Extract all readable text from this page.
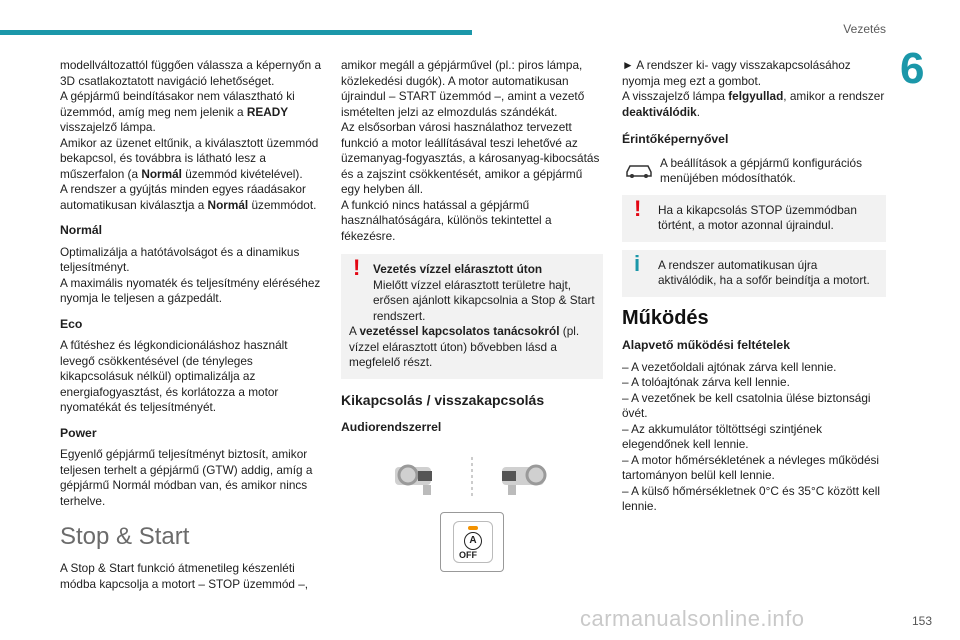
Vezetés
6

modellváltozattól függően válassza a képernyőn a 3D csatlakoztatott navigáció lehetőséget.

A gépjármű beindításakor nem választható ki üzemmód, amíg meg nem jelenik a READY visszajelző lámpa.

Amikor az üzenet eltűnik, a kiválasztott üzemmód bekapcsol, és továbbra is látható lesz a műszerfalon (a Normál üzemmód kivételével).

A rendszer a gyújtás minden egyes ráadásakor automatikusan kiválasztja a Normál üzemmódot.

Normál

Optimalizálja a hatótávolságot és a dinamikus teljesítményt.

A maximális nyomaték és teljesítmény eléréséhez nyomja le teljesen a gázpedált.

Eco

A fűtéshez és légkondicionáláshoz használt levegő csökkentésével (de tényleges kikapcsolásuk nélkül) optimalizálja az energiafogyasztást, és korlátozza a motor nyomatékát és teljesítményét.

Power

Egyenlő gépjármű teljesítményt biztosít, amikor teljesen terhelt a gépjármű (GTW) addig, amíg a gépjármű Normál módban van, és amikor nincs terhelve.

Stop & Start

A Stop & Start funkció átmenetileg készenléti módba kapcsolja a motort – STOP üzemmód –,

amikor megáll a gépjárművel (pl.: piros lámpa, közlekedési dugók). A motor automatikusan újraindul – START üzemmód –, amint a vezető ismételten jelzi az elmozdulás szándékát.

Az elsősorban városi használathoz tervezett funkció a motor leállításával teszi lehetővé az üzemanyag-fogyasztás, a károsanyag-kibocsátás és a zajszint csökkentését, amikor a gépjármű egy helyben áll.

A funkció nincs hatással a gépjármű használhatóságára, különös tekintettel a fékezésre.

!	Vezetés vízzel elárasztott úton

Mielőtt vízzel elárasztott területre hajt, erősen ajánlott kikapcsolnia a Stop & Start rendszert.

A vezetéssel kapcsolatos tanácsokról (pl. vízzel elárasztott úton) bővebben lásd a megfelelő részt.

Kikapcsolás / visszakapcsolás

Audiorendszerrel

A
OFF

► A rendszer ki- vagy visszakapcsolásához nyomja meg ezt a gombot.

A visszajelző lámpa felgyullad, amikor a rendszer deaktiválódik.

Érintőképernyővel

A beállítások a gépjármű konfigurációs menüjében módosíthatók.

! Ha a kikapcsolás STOP üzemmódban történt, a motor azonnal újraindul.

i A rendszer automatikusan újra aktiválódik, ha a sofőr beindítja a motort.

Működés

Alapvető működési feltételek

– A vezetőoldali ajtónak zárva kell lennie.

– A tolóajtónak zárva kell lennie.

– A vezetőnek be kell csatolnia ülése biztonsági övét.

– Az akkumulátor töltöttségi szintjének elegendőnek kell lennie.

– A motor hőmérsékletének a névleges működési tartományon belül kell lennie.

– A külső hőmérsékletnek 0°C és 35°C között kell lennie.

carmanualsonline.info	153
